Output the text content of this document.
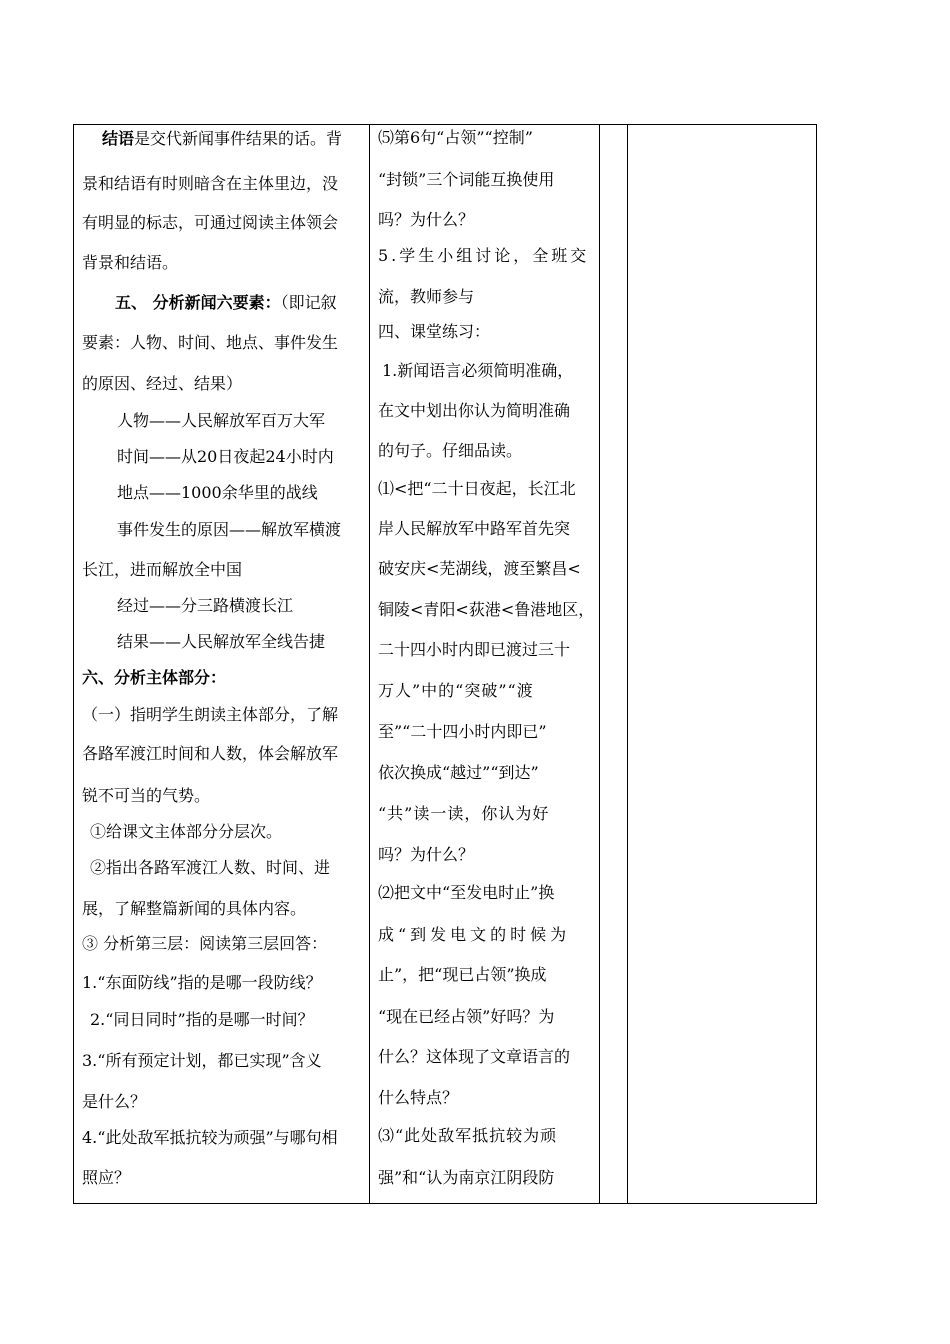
结语是交代新闻事件结果的话。背
景和结语有时则暗含在主体里边，没
有明显的标志，可通过阅读主体领会
背景和结语。
五、 分析新闻六要素：（即记叙
要素：人物、时间、地点、事件发生
的原因、经过、结果）
人物——人民解放军百万大军
时间——从20日夜起24小时内
地点——1000余华里的战线
事件发生的原因——解放军横渡
长江，进而解放全中国
经过——分三路横渡长江
结果——人民解放军全线告捷
六、分析主体部分：
（一）指明学生朗读主体部分，了解
各路军渡江时间和人数，体会解放军
锐不可当的气势。
①给课文主体部分分层次。
②指出各路军渡江人数、时间、进
展，了解整篇新闻的具体内容。
③ 分析第三层：阅读第三层回答：
1.“东面防线”指的是哪一段防线？
2.“同日同时”指的是哪一时间？
3.“所有预定计划，都已实现”含义
是什么？
4.“此处敌军抵抗较为顽强”与哪句相
照应？
⑸第6句“占领”“控制”
“封锁”三个词能互换使用
吗？为什么？
5.学生小组讨论，全班交
流，教师参与
四、课堂练习：
1.新闻语言必须简明准确，
在文中划出你认为简明准确
的句子。仔细品读。
⑴<把“二十日夜起，长江北
岸人民解放军中路军首先突
破安庆<芜湖线，渡至繁昌<
铜陵<青阳<荻港<鲁港地区，
二十四小时内即已渡过三十
万人”中的“突破”“渡
至”“二十四小时内即已”
依次换成“越过”“到达”
“共”读一读，你认为好
吗？为什么？
⑵把文中“至发电时止”换
成“到发电文的时候为
止”，把“现已占领”换成
“现在已经占领”好吗？为
什么？这体现了文章语言的
什么特点？
⑶“此处敌军抵抗较为顽
强”和“认为南京江阴段防
